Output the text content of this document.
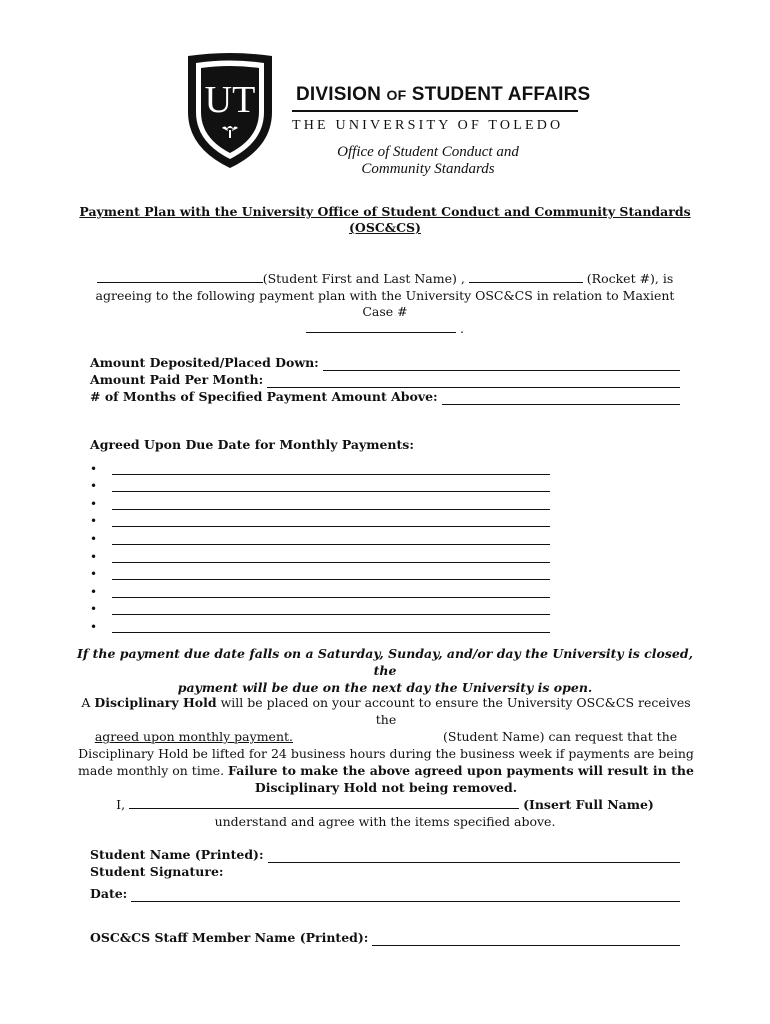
UT DIVISION OF STUDENT AFFAIRS
THE UNIVERSITY OF TOLEDO
Office of Student Conduct and
Community Standards
Payment Plan with the University Office of Student Conduct and Community Standards
(OSC&CS)
(Student First and Last Name) ,	(Rocket #), is
agreeing to the following payment plan with the University OSC&CS in relation to Maxient Case #
.
Amount Deposited/Placed Down:
Amount Paid Per Month:
# of Months of Specified Payment Amount Above:
Agreed Upon Due Date for Monthly Payments:
•
•
•
•
•
•
•
•
•
•
If the payment due date falls on a Saturday, Sunday, and/or day the University is closed, the
payment will be due on the next day the University is open.
A Disciplinary Hold will be placed on your account to ensure the University OSC&CS receives the
agreed upon monthly payment.	(Student Name) can request that the
Disciplinary Hold be lifted for 24 business hours during the business week if payments are being
made monthly on time. Failure to make the above agreed upon payments will result in the
Disciplinary Hold not being removed.
I,	(Insert Full Name)
understand and agree with the items specified above.
Student Name (Printed):
Student Signature:
Date:
OSC&CS Staff Member Name (Printed):
